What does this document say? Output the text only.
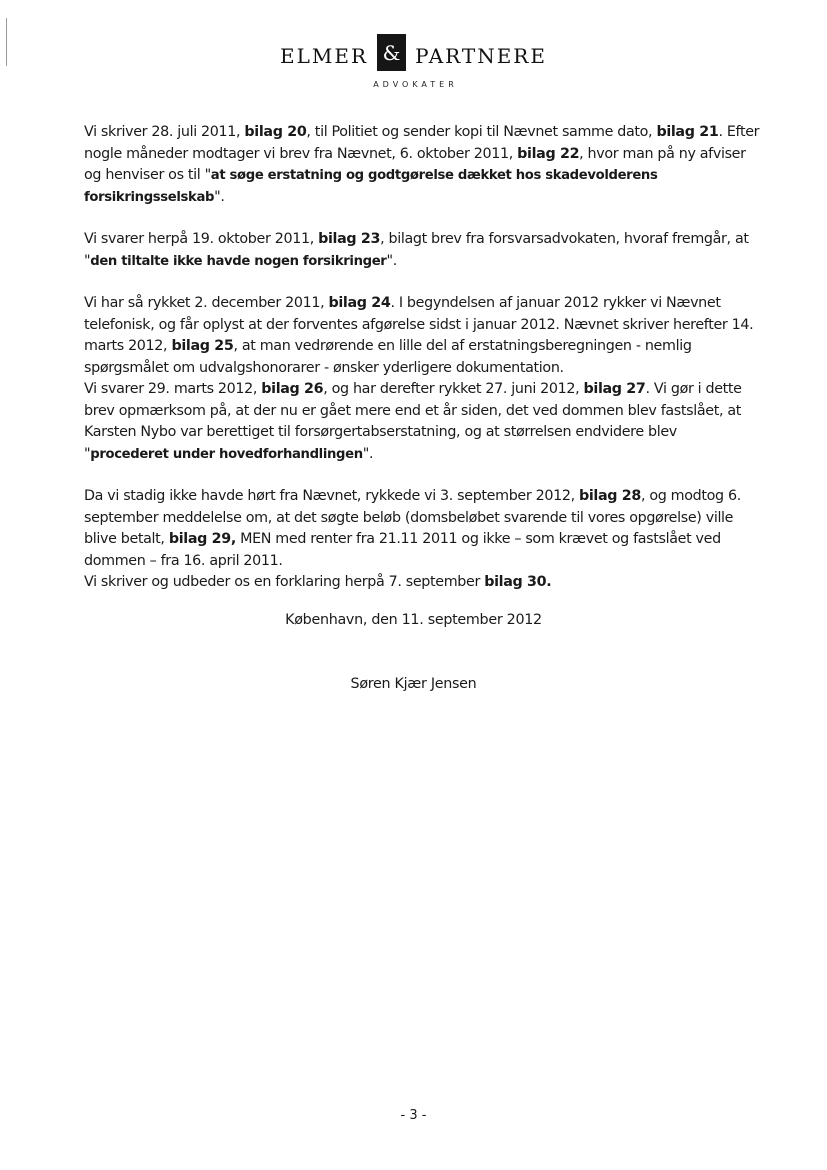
ELMER & PARTNERE
ADVOKATER

Vi skriver 28. juli 2011, bilag 20, til Politiet og sender kopi til Nævnet samme dato, bilag 21. Efter nogle måneder modtager vi brev fra Nævnet, 6. oktober 2011, bilag 22, hvor man på ny afviser og henviser os til "at søge erstatning og godtgørelse dækket hos skadevolderens forsikringsselskab".

Vi svarer herpå 19. oktober 2011, bilag 23, bilagt brev fra forsvarsadvokaten, hvoraf fremgår, at "den tiltalte ikke havde nogen forsikringer".

Vi har så rykket 2. december 2011, bilag 24. I begyndelsen af januar 2012 rykker vi Nævnet telefonisk, og får oplyst at der forventes afgørelse sidst i januar 2012. Nævnet skriver herefter 14. marts 2012, bilag 25, at man vedrørende en lille del af erstatningsberegningen - nemlig spørgsmålet om udvalgshonorarer - ønsker yderligere dokumentation.

Vi svarer 29. marts 2012, bilag 26, og har derefter rykket 27. juni 2012, bilag 27. Vi gør i dette brev opmærksom på, at der nu er gået mere end et år siden, det ved dommen blev fastslået, at Karsten Nybo var berettiget til forsørgertabserstatning, og at størrelsen endvidere blev "procederet under hovedforhandlingen".

Da vi stadig ikke havde hørt fra Nævnet, rykkede vi 3. september 2012, bilag 28, og modtog 6. september meddelelse om, at det søgte beløb (domsbeløbet svarende til vores opgørelse) ville blive betalt, bilag 29, MEN med renter fra 21.11 2011 og ikke – som krævet og fastslået ved dommen – fra 16. april 2011.

Vi skriver og udbeder os en forklaring herpå 7. september bilag 30.

København, den 11. september 2012
Søren Kjær Jensen
- 3 -
